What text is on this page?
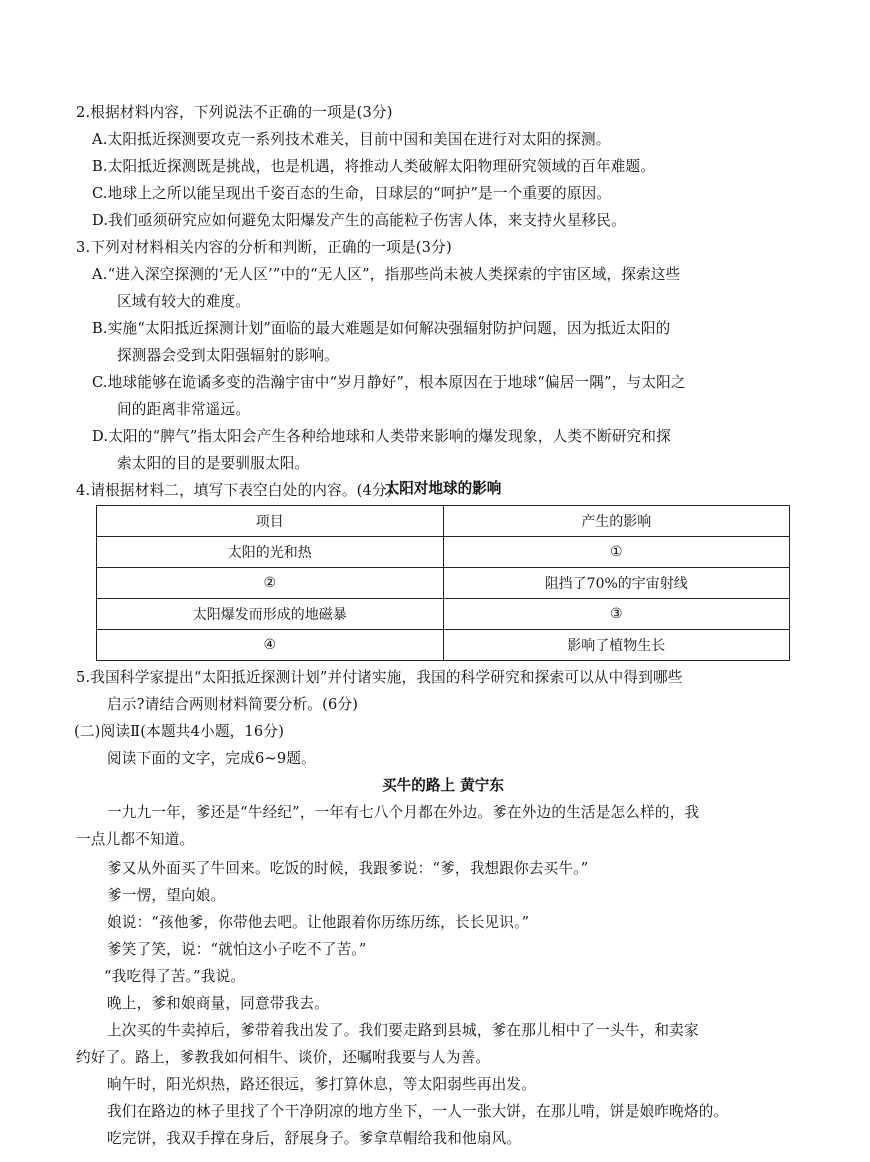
2.根据材料内容，下列说法不正确的一项是(3分)
A.太阳抵近探测要攻克一系列技术难关，目前中国和美国在进行对太阳的探测。
B.太阳抵近探测既是挑战，也是机遇，将推动人类破解太阳物理研究领域的百年难题。
C.地球上之所以能呈现出千姿百态的生命，日球层的“呵护”是一个重要的原因。
D.我们亟须研究应如何避免太阳爆发产生的高能粒子伤害人体，来支持火星移民。
3.下列对材料相关内容的分析和判断，正确的一项是(3分)
A.“进入深空探测的‘无人区’”中的“无人区”，指那些尚未被人类探索的宇宙区域，探索这些
区域有较大的难度。
B.实施“太阳抵近探测计划”面临的最大难题是如何解决强辐射防护问题，因为抵近太阳的
探测器会受到太阳强辐射的影响。
C.地球能够在诡谲多变的浩瀚宇宙中“岁月静好”，根本原因在于地球“偏居一隅”，与太阳之
间的距离非常遥远。
D.太阳的“脾气”指太阳会产生各种给地球和人类带来影响的爆发现象，人类不断研究和探
索太阳的目的是要驯服太阳。
4.请根据材料二，填写下表空白处的内容。(4分)
太阳对地球的影响
项目	产生的影响
太阳的光和热	①
②	阻挡了70%的宇宙射线
太阳爆发而形成的地磁暴	③
④	影响了植物生长
5.我国科学家提出“太阳抵近探测计划”并付诸实施，我国的科学研究和探索可以从中得到哪些
启示?请结合两则材料简要分析。(6分)
(二)阅读Ⅱ(本题共4小题，16分)
阅读下面的文字，完成6~9题。
买牛的路上 黄宁东
一九九一年，爹还是“牛经纪”，一年有七八个月都在外边。爹在外边的生活是怎么样的，我
一点儿都不知道。
爹又从外面买了牛回来。吃饭的时候，我跟爹说：“爹，我想跟你去买牛。”
爹一愣，望向娘。
娘说：“孩他爹，你带他去吧。让他跟着你历练历练，长长见识。”
爹笑了笑，说：“就怕这小子吃不了苦。”
“我吃得了苦。”我说。
晚上，爹和娘商量，同意带我去。
上次买的牛卖掉后，爹带着我出发了。我们要走路到县城，爹在那儿相中了一头牛，和卖家
约好了。路上，爹教我如何相牛、谈价，还嘱咐我要与人为善。
晌午时，阳光炽热，路还很远，爹打算休息，等太阳弱些再出发。
我们在路边的林子里找了个干净阴凉的地方坐下，一人一张大饼，在那儿啃，饼是娘昨晚烙的。
吃完饼，我双手撑在身后，舒展身子。爹拿草帽给我和他扇风。
